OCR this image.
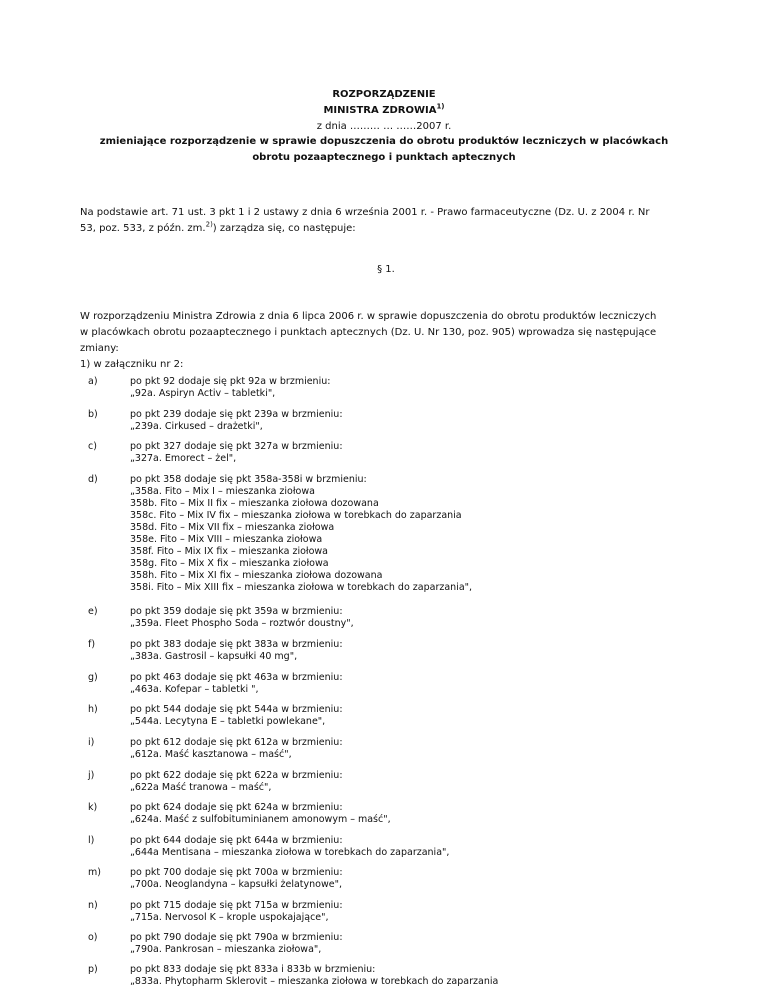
ROZPORZĄDZENIE
MINISTRA ZDROWIA$^{1)}$
z dnia ……… … ……2007 r.
zmieniające rozporządzenie w sprawie dopuszczenia do obrotu produktów leczniczych w placówkach
obrotu pozaaptecznego i punktach aptecznych
Na podstawie art. 71 ust. 3 pkt 1 i 2 ustawy z dnia 6 września 2001 r. - Prawo farmaceutyczne (Dz. U. z 2004 r. Nr
53, poz. 533, z późn. zm.$^{2)}$) zarządza się, co następuje:
§ 1.
W rozporządzeniu Ministra Zdrowia z dnia 6 lipca 2006 r. w sprawie dopuszczenia do obrotu produktów leczniczych
w placówkach obrotu pozaaptecznego i punktach aptecznych (Dz. U. Nr 130, poz. 905) wprowadza się następujące
zmiany:
1) w załączniku nr 2:
a)	po pkt 92 dodaje się pkt 92a w brzmieniu:
„92a. Aspiryn Activ – tabletki",
b)	po pkt 239 dodaje się pkt 239a w brzmieniu:
„239a. Cirkused – drażetki",
c)	po pkt 327 dodaje się pkt 327a w brzmieniu:
„327a. Emorect – żel",
d)	po pkt 358 dodaje się pkt 358a-358i w brzmieniu:
„358a. Fito – Mix I – mieszanka ziołowa
358b. Fito – Mix II fix – mieszanka ziołowa dozowana
358c. Fito – Mix IV fix – mieszanka ziołowa w torebkach do zaparzania
358d. Fito – Mix VII fix – mieszanka ziołowa
358e. Fito – Mix VIII – mieszanka ziołowa
358f. Fito – Mix IX fix – mieszanka ziołowa
358g. Fito – Mix X fix – mieszanka ziołowa
358h. Fito – Mix XI fix – mieszanka ziołowa dozowana
358i. Fito – Mix XIII fix – mieszanka ziołowa w torebkach do zaparzania",
e)	po pkt 359 dodaje się pkt 359a w brzmieniu:
„359a. Fleet Phospho Soda – roztwór doustny",
f)	po pkt 383 dodaje się pkt 383a w brzmieniu:
„383a. Gastrosil – kapsułki 40 mg",
g)	po pkt 463 dodaje się pkt 463a w brzmieniu:
„463a. Kofepar – tabletki ",
h)	po pkt 544 dodaje się pkt 544a w brzmieniu:
„544a. Lecytyna E – tabletki powlekane",
i)	po pkt 612 dodaje się pkt 612a w brzmieniu:
„612a. Maść kasztanowa – maść",
j)	po pkt 622 dodaje się pkt 622a w brzmieniu:
„622a Maść tranowa – maść",
k)	po pkt 624 dodaje się pkt 624a w brzmieniu:
„624a. Maść z sulfobituminianem amonowym – maść",
l)	po pkt 644 dodaje się pkt 644a w brzmieniu:
„644a Mentisana – mieszanka ziołowa w torebkach do zaparzania",
m)	po pkt 700 dodaje się pkt 700a w brzmieniu:
„700a. Neoglandyna – kapsułki żelatynowe",
n)	po pkt 715 dodaje się pkt 715a w brzmieniu:
„715a. Nervosol K – krople uspokajające",
o)	po pkt 790 dodaje się pkt 790a w brzmieniu:
„790a. Pankrosan – mieszanka ziołowa",
p)	po pkt 833 dodaje się pkt 833a i 833b w brzmieniu:
„833a. Phytopharm Sklerovit – mieszanka ziołowa w torebkach do zaparzania
